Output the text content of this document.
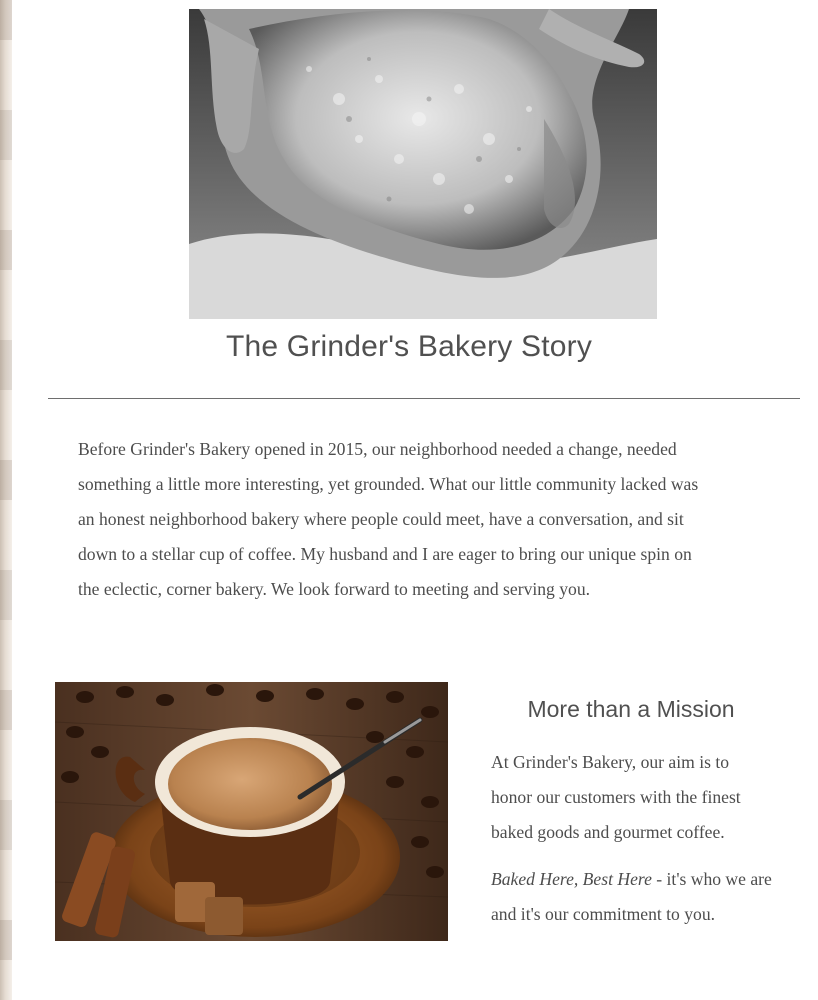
The Grinder's Bakery Story

Before Grinder's Bakery opened in 2015, our neighborhood needed a change, needed
something a little more interesting, yet grounded. What our little community lacked was
an honest neighborhood bakery where people could meet, have a conversation, and sit
down to a stellar cup of coffee. My husband and I are eager to bring our unique spin on
the eclectic, corner bakery. We look forward to meeting and serving you.

More than a Mission

At Grinder's Bakery, our aim is to
honor our customers with the finest
baked goods and gourmet coffee.

Baked Here, Best Here - it's who we are and it's our commitment to you.
